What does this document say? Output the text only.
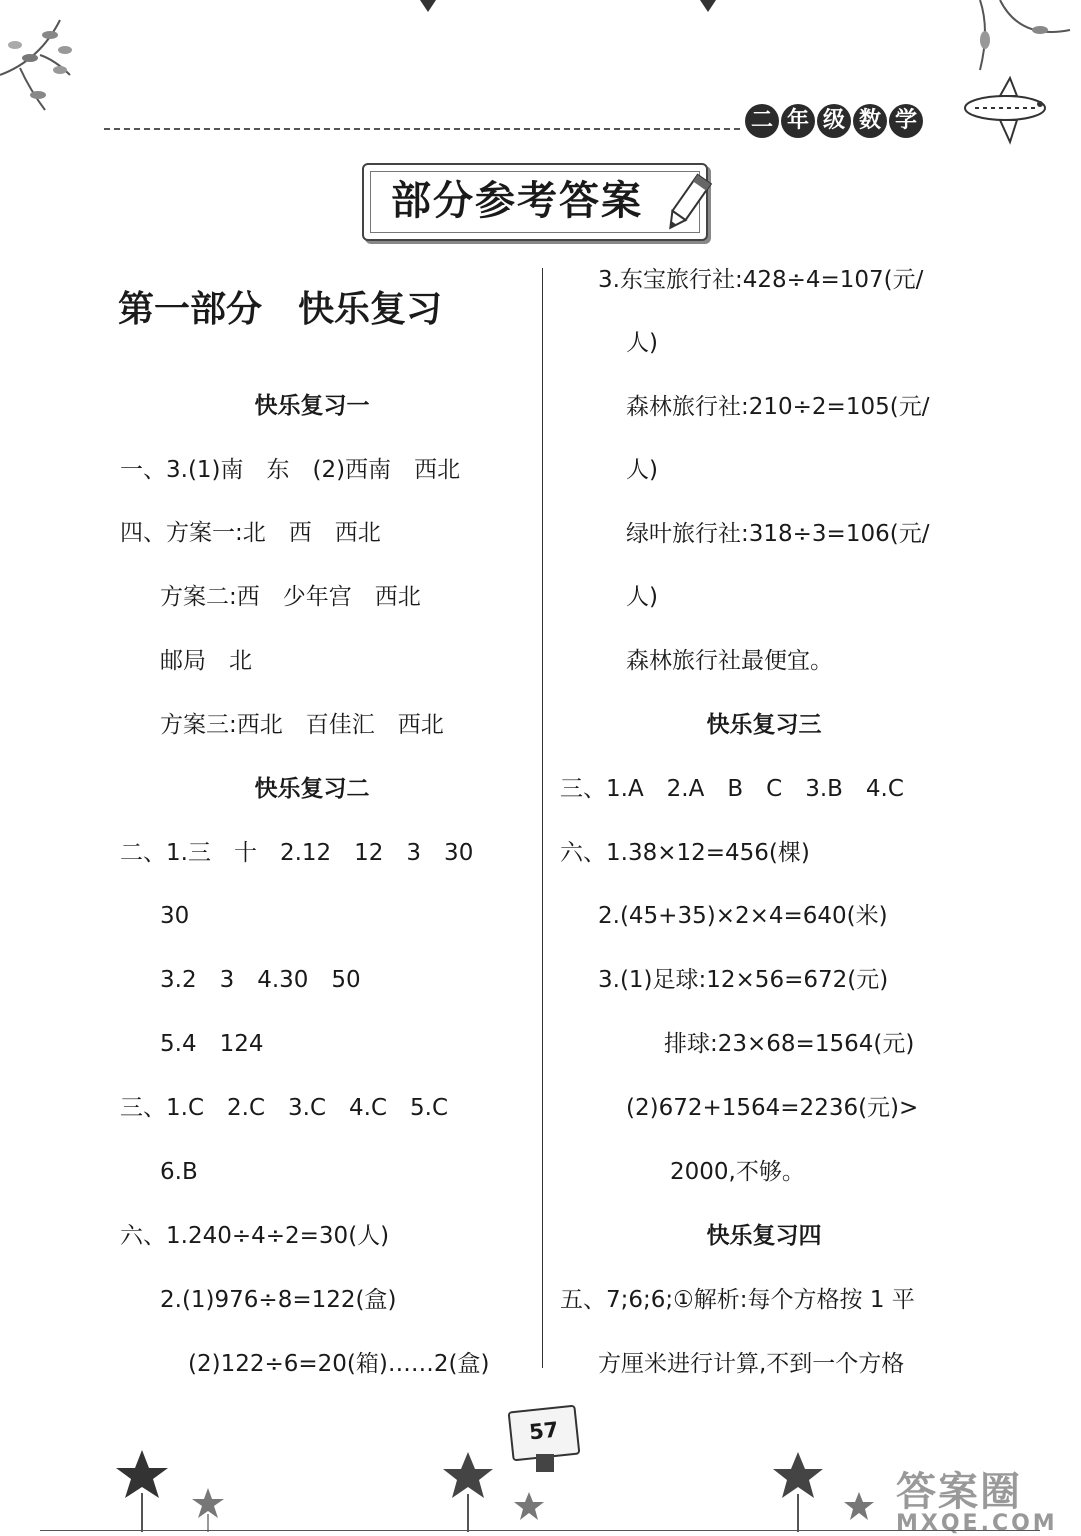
二 年 级 数 学
部分参考答案
第一部分　快乐复习
快乐复习一
一、3.(1)南　东　(2)西南　西北
四、方案一:北　西　西北
方案二:西　少年宫　西北
邮局　北
方案三:西北　百佳汇　西北
快乐复习二
二、1.三　十　2.12　12　3　30
30
3.2　3　4.30　50
5.4　124
三、1.C　2.C　3.C　4.C　5.C
6.B
六、1.240÷4÷2=30(人)
2.(1)976÷8=122(盒)
(2)122÷6=20(箱)……2(盒)
3.东宝旅行社:428÷4=107(元/
人)
森林旅行社:210÷2=105(元/
人)
绿叶旅行社:318÷3=106(元/
人)
森林旅行社最便宜。
快乐复习三
三、1.A　2.A　B　C　3.B　4.C
六、1.38×12=456(棵)
2.(45+35)×2×4=640(米)
3.(1)足球:12×56=672(元)
排球:23×68=1564(元)
(2)672+1564=2236(元)>
2000,不够。
快乐复习四
五、7;6;6;①解析:每个方格按 1 平
方厘米进行计算,不到一个方格
57
答案圈
MXQE.COM
